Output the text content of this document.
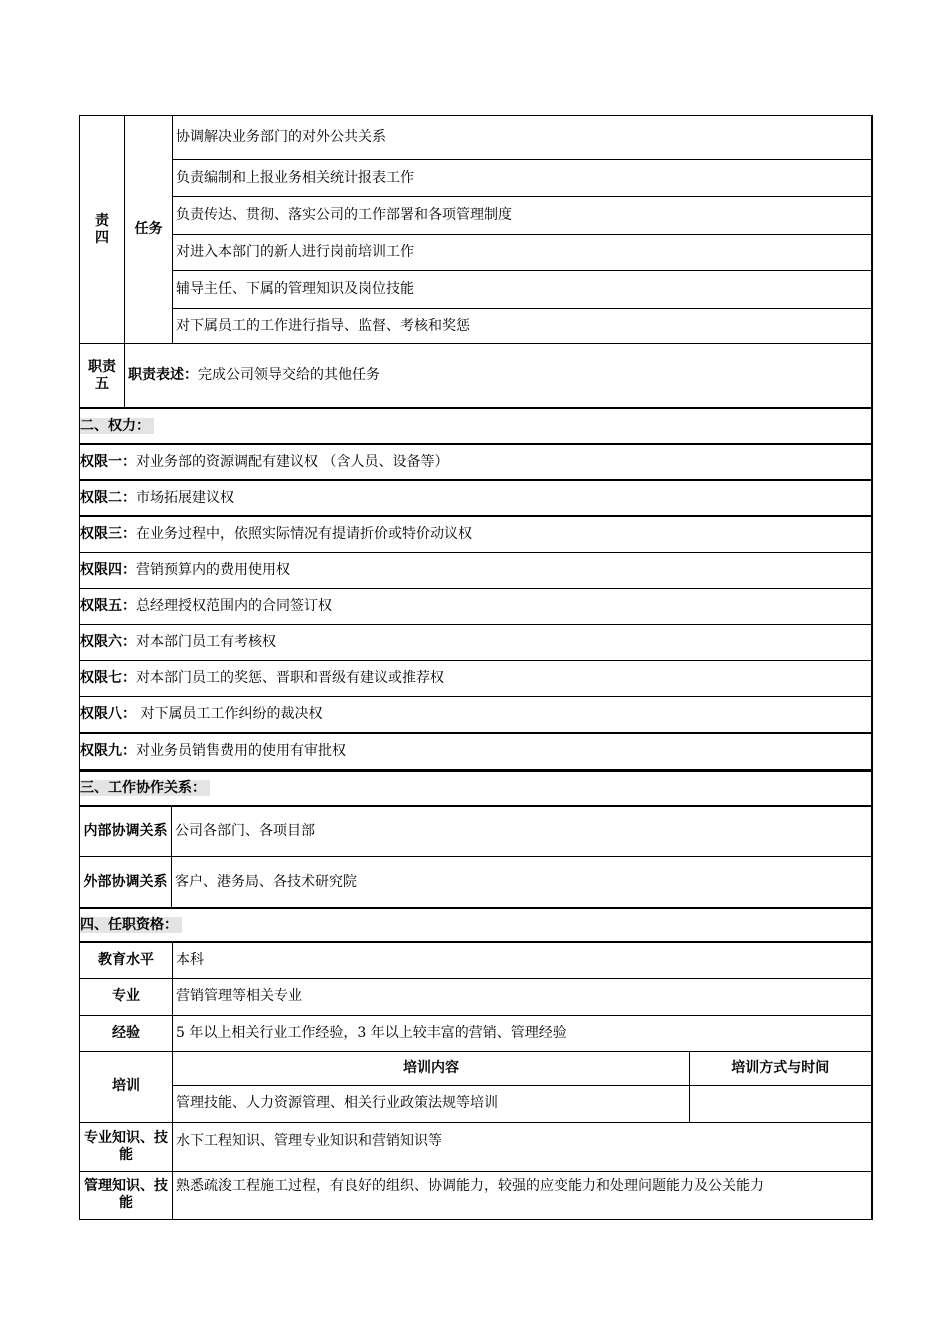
责
四	任务	协调解决业务部门的对外公共关系
		负责编制和上报业务相关统计报表工作
		负责传达、贯彻、落实公司的工作部署和各项管理制度
		对进入本部门的新人进行岗前培训工作
		辅导主任、下属的管理知识及岗位技能
		对下属员工的工作进行指导、监督、考核和奖惩
职责
五	职责表述：完成公司领导交给的其他任务	
二、权力：
权限一：对业务部的资源调配有建议权 （含人员、设备等）
权限二：市场拓展建议权
权限三：在业务过程中，依照实际情况有提请折价或特价动议权
权限四：营销预算内的费用使用权
权限五：总经理授权范围内的合同签订权
权限六：对本部门员工有考核权
权限七：对本部门员工的奖惩、晋职和晋级有建议或推荐权
权限八： 对下属员工工作纠纷的裁决权
权限九：对业务员销售费用的使用有审批权
三、工作协作关系：	
内部协调关系	公司各部门、各项目部
外部协调关系	客户、港务局、各技术研究院
四、任职资格：		
教育水平	本科	
专业	营销管理等相关专业	
经验	5 年以上相关行业工作经验，3 年以上较丰富的营销、管理经验	
培训	培训内容	培训方式与时间
	管理技能、人力资源管理、相关行业政策法规等培训	
专业知识、技能	水下工程知识、管理专业知识和营销知识等	
管理知识、技能	熟悉疏浚工程施工过程，有良好的组织、协调能力，较强的应变能力和处理问题能力及公关能力	
